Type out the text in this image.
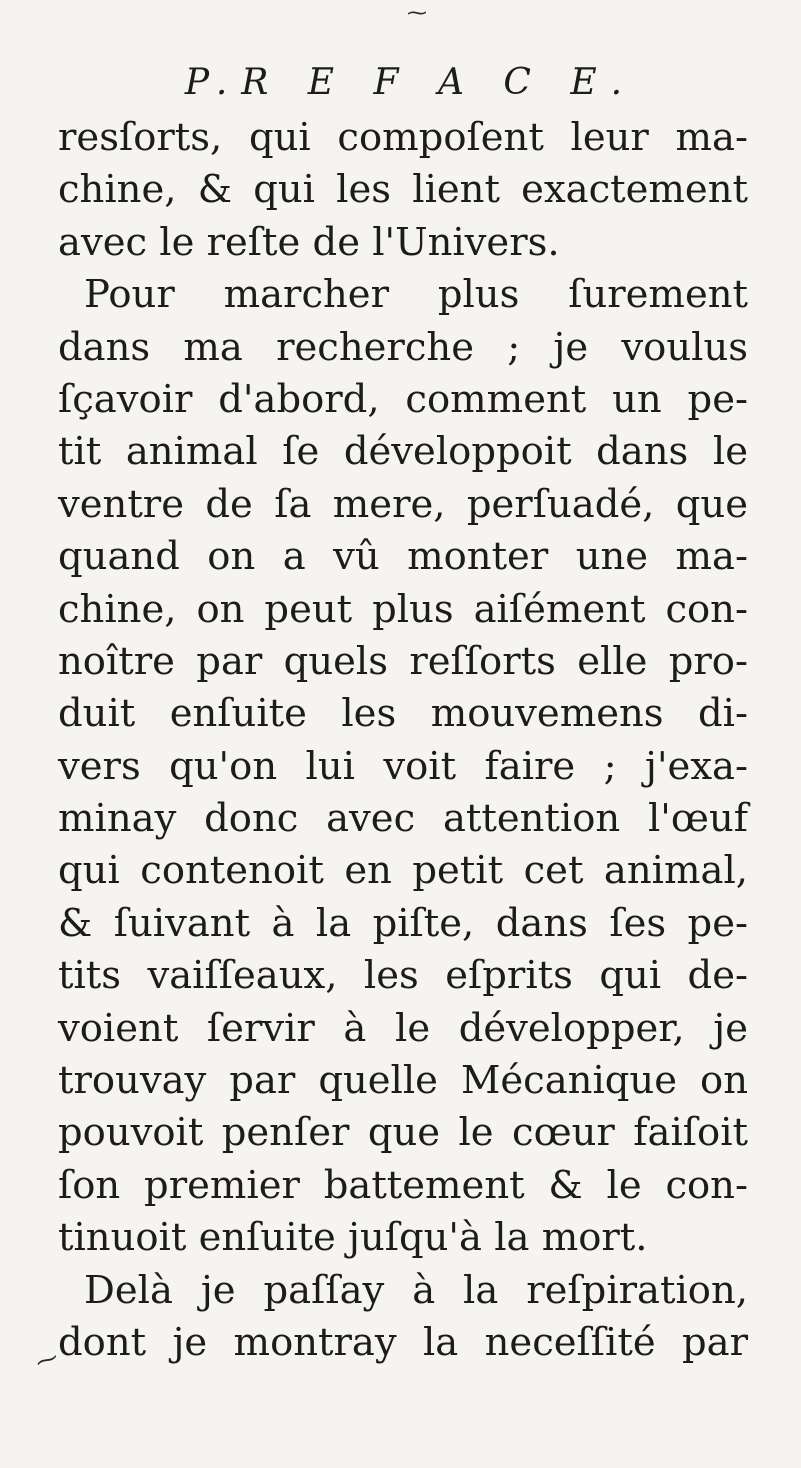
⁓
P.R E F A C E.
resſorts, qui compoſent leur ma-
chine, & qui les lient exactement
avec le reſte de l'Univers.
Pour marcher plus ſurement
dans ma recherche ; je voulus
ſçavoir d'abord, comment un pe-
tit animal ſe développoit dans le
ventre de ſa mere, perſuadé, que
quand on a vû monter une ma-
chine, on peut plus aiſément con-
noître par quels reſſorts elle pro-
duit enſuite les mouvemens di-
vers qu'on lui voit faire ; j'exa-
minay donc avec attention l'œuf
qui contenoit en petit cet animal,
& ſuivant à la piſte, dans ſes pe-
tits vaiſſeaux, les eſprits qui de-
voient ſervir à le développer, je
trouvay par quelle Mécanique on
pouvoit penſer que le cœur faiſoit
ſon premier battement & le con-
tinuoit enſuite juſqu'à la mort.
Delà je paſſay à la reſpiration,
dont je montray la neceſſité par
⁓
